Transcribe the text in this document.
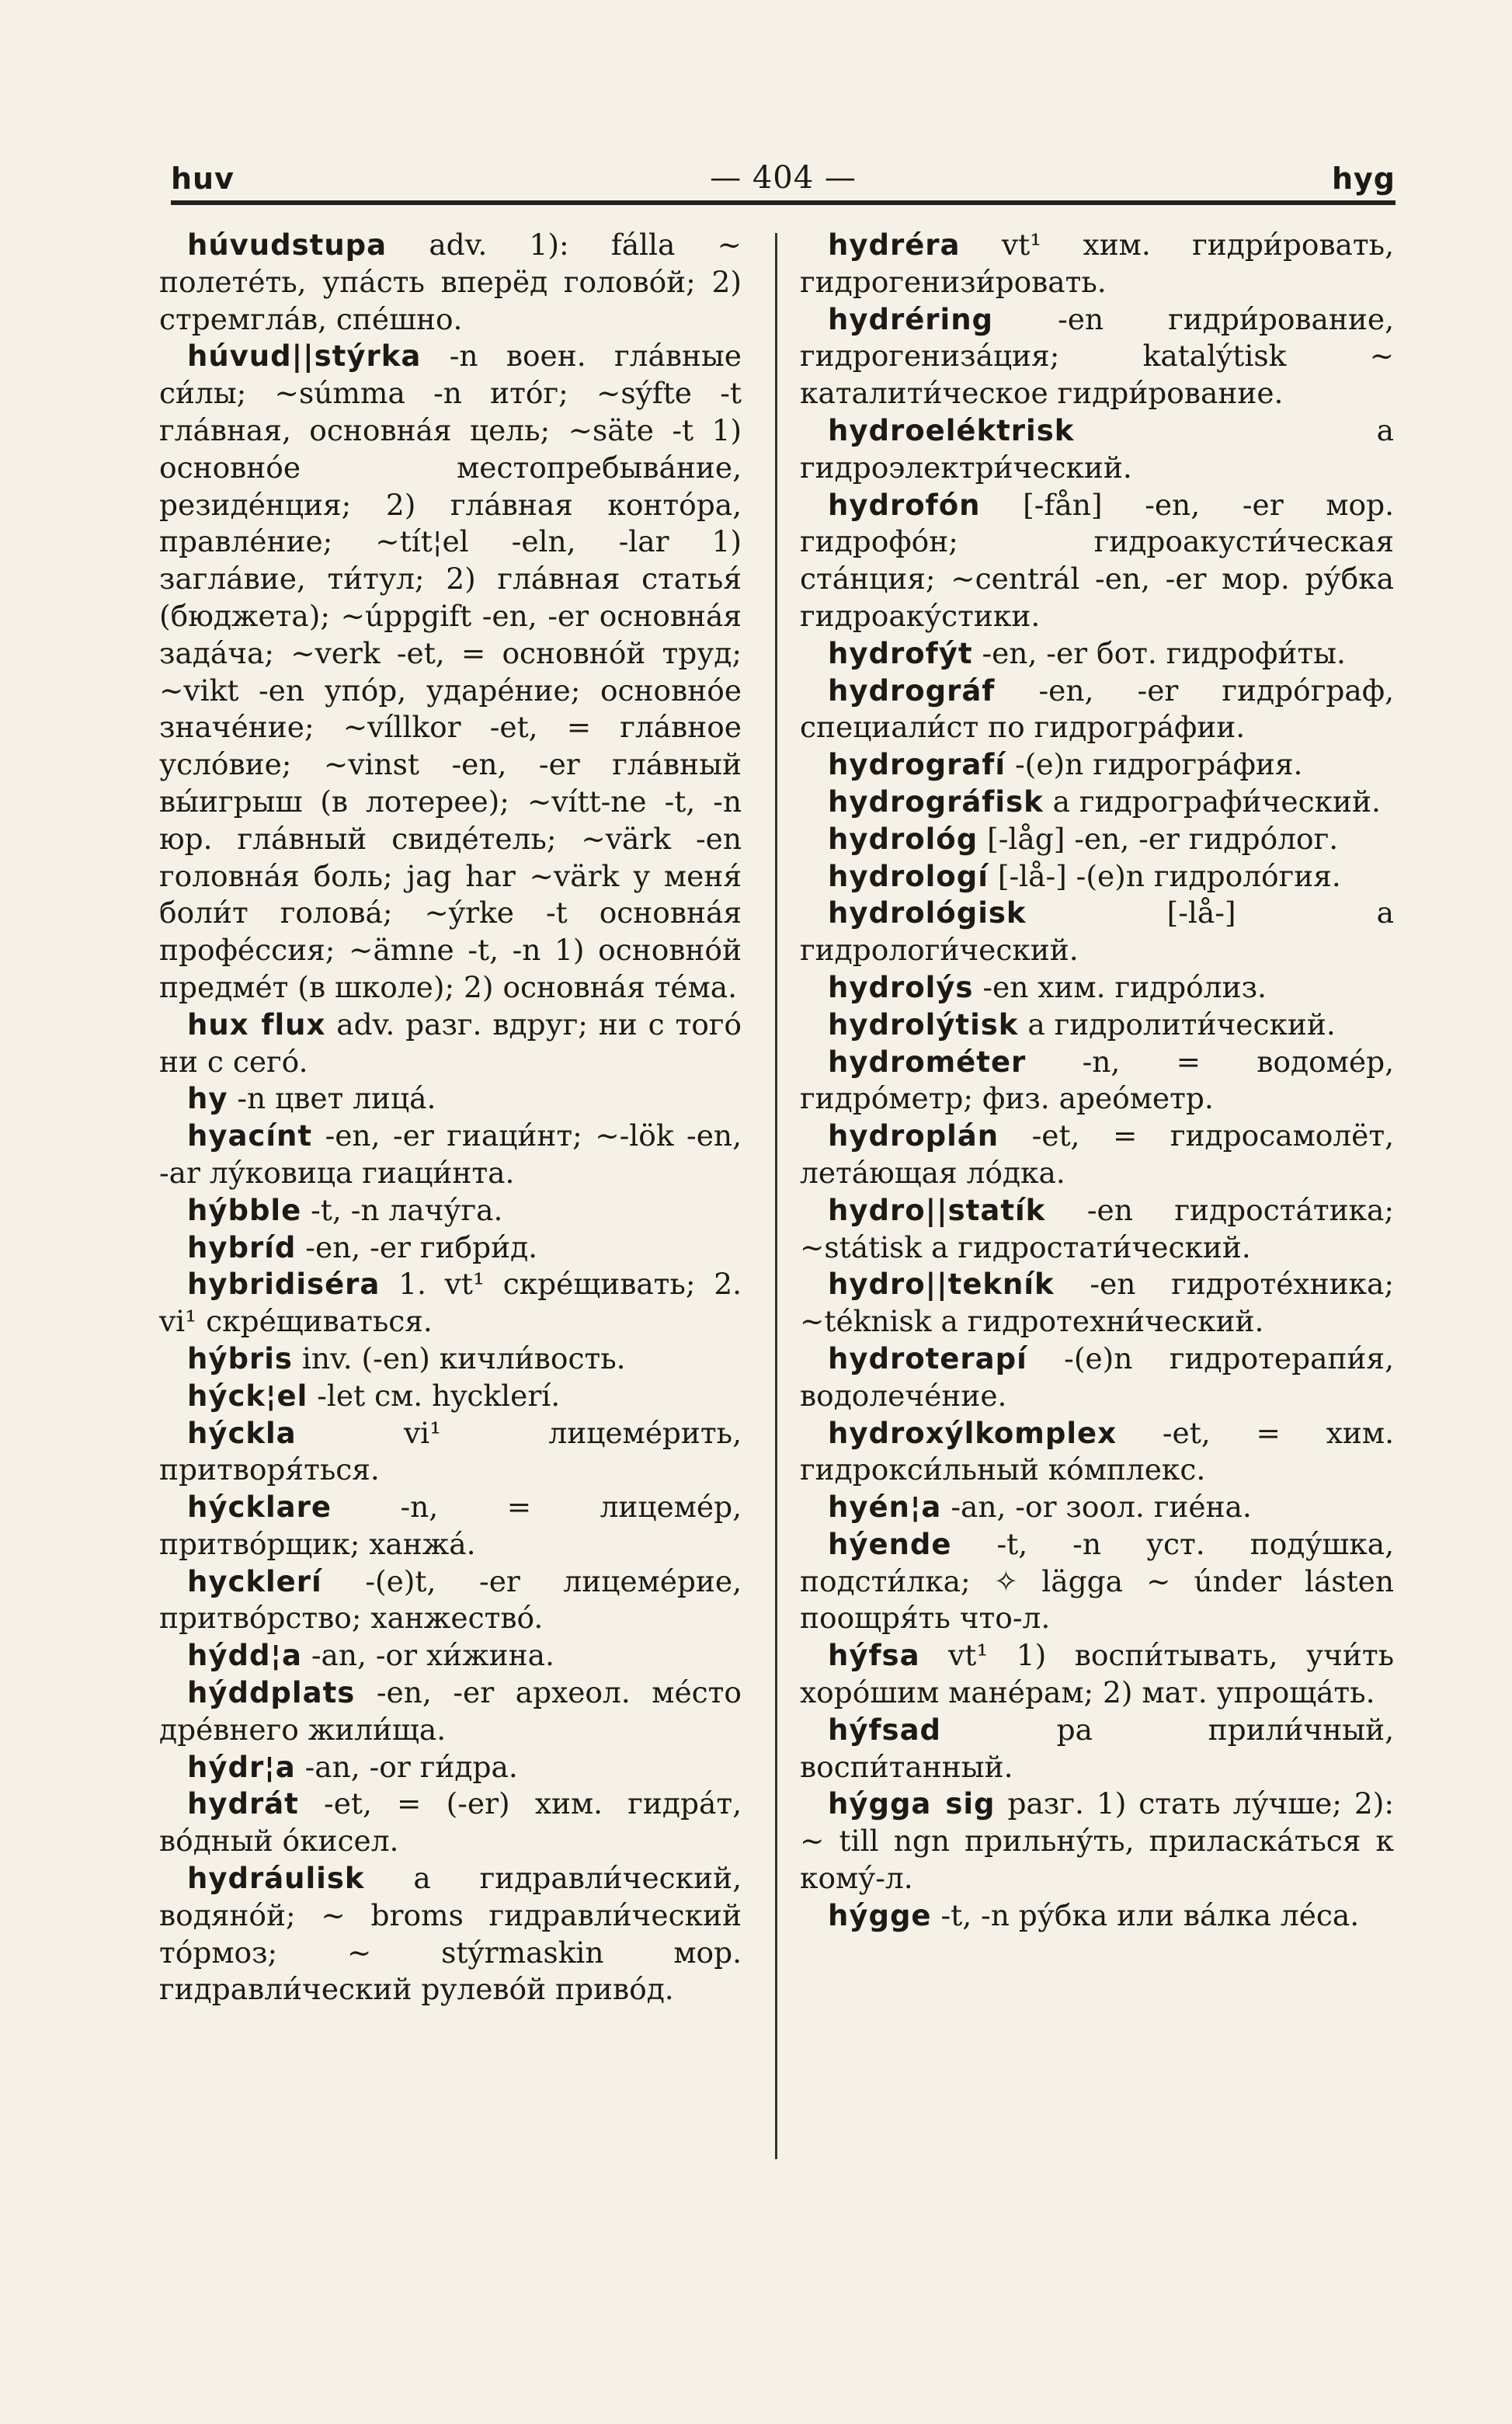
huv	— 404 —	hyg

húvudstupa adv. 1): fálla ~ полетéть, упáсть вперёд головóй; 2) стремгла́в, спéшно.

húvud||stýrka -n воен. глáвные си́лы; ~súmma -n итóг; ~sýfte -t глáвная, основнáя цель; ~säte -t 1) основнóе местопребывáние, резидéнция; 2) глáвная контóра, правлéние; ~tít¦el -eln, -lar 1) заглáвие, ти́тул; 2) глáвная статья́ (бюджета); ~úppgift -en, -er основнáя задáча; ~verk -et, = основнóй труд; ~vikt -en упóр, ударéние; основнóе значéние; ~víllkor -et, = глáвное услóвие; ~vinst -en, -er глáвный вы́игрыш (в лотерее); ~vítt-ne -t, -n юр. глáвный свидéтель; ~värk -en головнáя боль; jag har ~värk у меня́ боли́т головá; ~ýrke -t основнáя профéссия; ~ämne -t, -n 1) основнóй предмéт (в школе); 2) основнáя тéма.

hux flux adv. разг. вдруг; ни с тогó ни с сегó.

hy -n цвет лицá.

hyacínt -en, -er гиаци́нт; ~-lök -en, -ar лу́ковица гиаци́нта.

hýbble -t, -n лачу́га.

hybríd -en, -er гибри́д.

hybridiséra 1. vt¹ скрéщивать; 2. vi¹ скрéщиваться.

hýbris inv. (-en) кичли́вость.

hýck¦el -let см. hycklerí.

hýckla	vi¹ лицемéрить, притворя́ться.

hýcklare -n, = лицемéр, притвóрщик; ханжá.

hycklerí -(e)t, -er лицемéрие, притвóрство; ханжествó.

hýdd¦a -an, -or хи́жина.

hýddplats -en, -er археол. мéсто дрéвнего жили́ща.

hýdr¦a -an, -or ги́дра.

hydrát -et, = (-er) хим. гидрáт, вóдный óкисел.

hydráulisk a гидравли́ческий, водянóй; ~ broms гидравли́ческий тóрмоз; ~ stýrmaskin мор. гидравли́ческий рулевóй привóд.

hydréra vt¹ хим. гидри́ровать, гидрогенизи́ровать.

hydréring -en гидри́рование, гидрогенизáция; katalýtisk ~ каталити́ческое гидри́рование.

hydroeléktrisk	a гидроэлектри́ческий.

hydrofón [-fån] -en, -er мор. гидрофóн; гидроакусти́ческая стáнция; ~centrál -en, -er мор. ру́бка гидроаку́стики.

hydrofýt -en, -er бот. гидрофи́ты.

hydrográf -en, -er гидрóграф, специали́ст по гидрогрáфии.

hydrografí -(e)n гидрогрáфия.

hydrográfisk a гидрографи́ческий.

hydrológ [-låg] -en, -er гидрóлог.

hydrologí [-lå-] -(e)n гидролóгия.

hydrológisk	[-lå-] a гидрологи́ческий.

hydrolýs -en хим. гидрóлиз.

hydrolýtisk a гидролити́ческий.

hydrométer -n, = водомéр, гидрóметр; физ. ареóметр.

hydroplán -et, = гидросамолёт, летáющая лóдка.

hydro||statík -en гидростáтика; ~státisk a гидростати́ческий.

hydro||tekník -en гидротéхника; ~téknisk a гидротехни́ческий.

hydroterapí -(e)n гидротерапи́я, водолечéние.

hydroxýlkomplex -et, = хим. гидрокси́льный кóмплекс.

hyén¦a -an, -or зоол. гиéна.

hýende -t, -n уст. поду́шка, подсти́лка; ✧ lägga ~ únder lásten поощря́ть что-л.

hýfsa vt¹ 1) воспи́тывать, учи́ть хорóшим манéрам; 2) мат. упрощáть.

hýfsad	pa прили́чный, воспи́танный.

hýgga sig разг. 1) стать лу́чше; 2): ~ till ngn прильну́ть, приласкáться к кому́-л.

hýgge -t, -n ру́бка или вáлка лéса.
